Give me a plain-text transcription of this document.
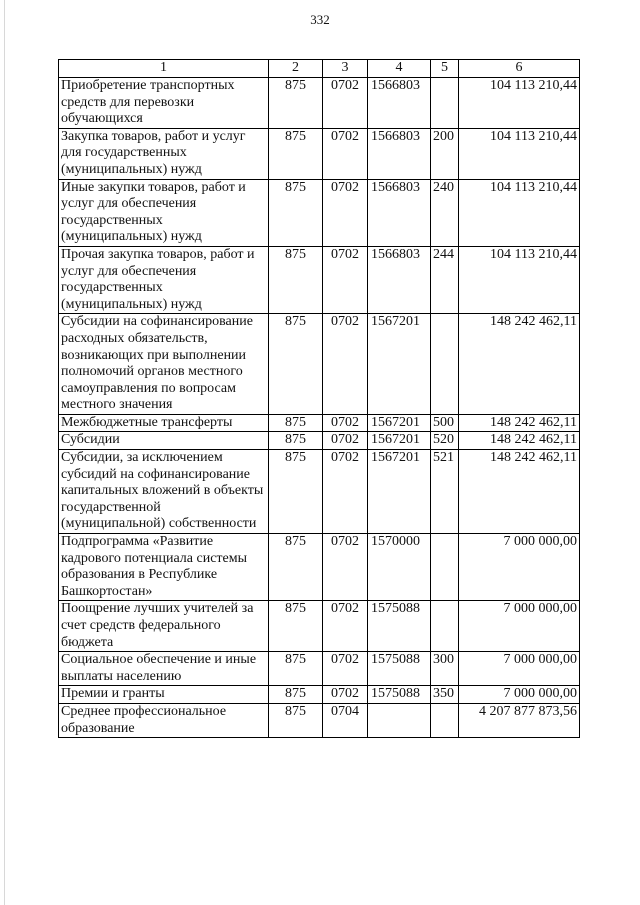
332
1	2	3	4	5	6
Приобретение транспортных средств для перевозки обучающихся	875	0702	1566803		104 113 210,44
Закупка товаров, работ и услуг для государственных (муниципальных) нужд	875	0702	1566803	200	104 113 210,44
Иные закупки товаров, работ и услуг для обеспечения государственных (муниципальных) нужд	875	0702	1566803	240	104 113 210,44
Прочая закупка товаров, работ и услуг для обеспечения государственных (муниципальных) нужд	875	0702	1566803	244	104 113 210,44
Субсидии на софинансирование расходных обязательств, возникающих при выполнении полномочий органов местного самоуправления по вопросам местного значения	875	0702	1567201		148 242 462,11
Межбюджетные трансферты	875	0702	1567201	500	148 242 462,11
Субсидии	875	0702	1567201	520	148 242 462,11
Субсидии, за исключением субсидий на софинансирование капитальных вложений в объекты государственной (муниципальной) собственности	875	0702	1567201	521	148 242 462,11
Подпрограмма «Развитие кадрового потенциала системы образования в Республике Башкортостан»	875	0702	1570000		7 000 000,00
Поощрение лучших учителей за счет средств федерального бюджета	875	0702	1575088		7 000 000,00
Социальное обеспечение и иные выплаты населению	875	0702	1575088	300	7 000 000,00
Премии и гранты	875	0702	1575088	350	7 000 000,00
Среднее профессиональное образование	875	0704			4 207 877 873,56
